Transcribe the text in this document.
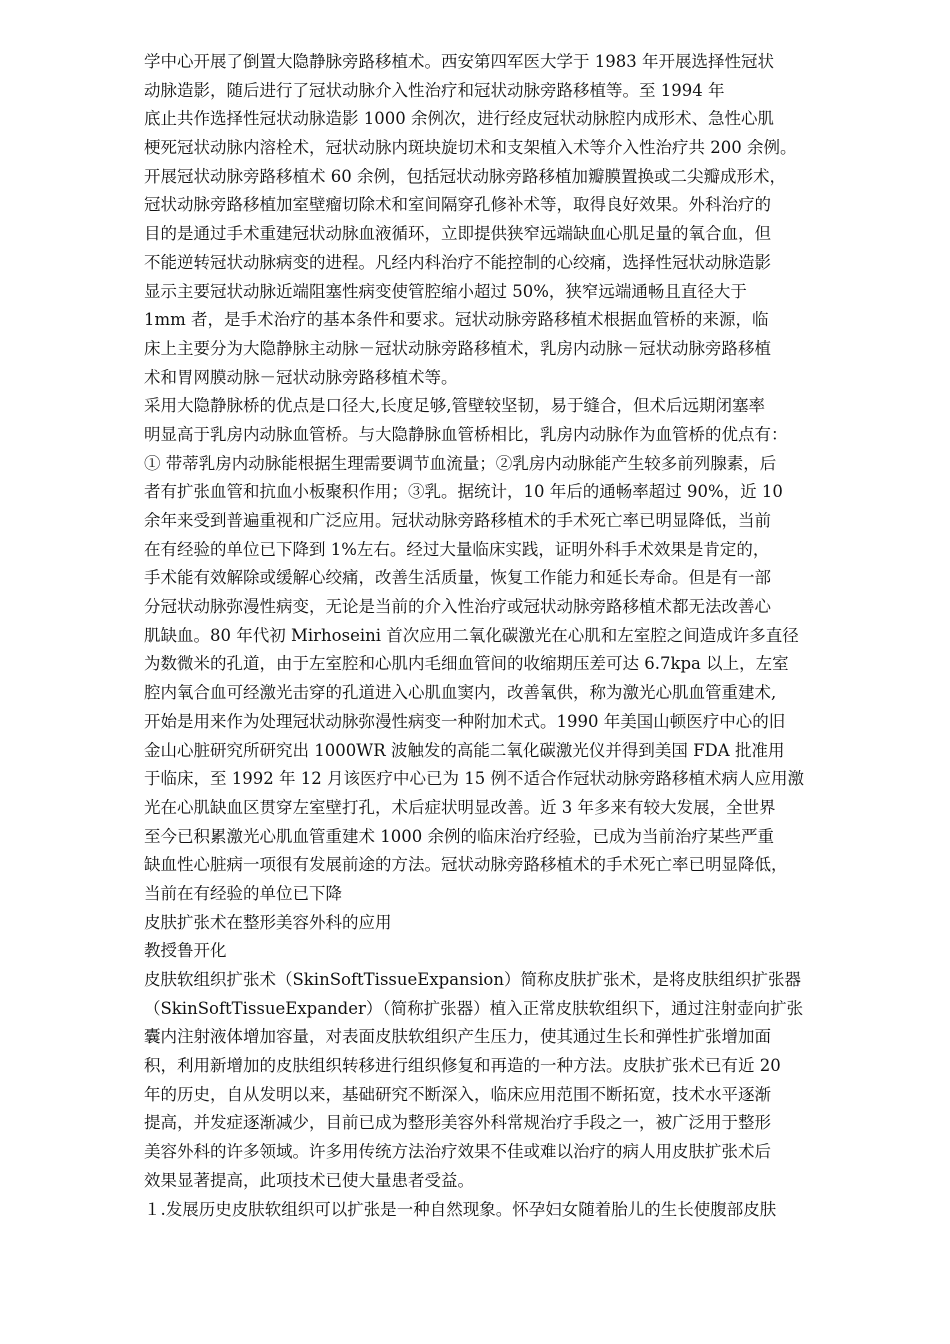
学中心开展了倒置大隐静脉旁路移植术。西安第四军医大学于 1983 年开展选择性冠状
动脉造影，随后进行了冠状动脉介入性治疗和冠状动脉旁路移植等。至 1994 年
底止共作选择性冠状动脉造影 1000 余例次，进行经皮冠状动脉腔内成形术、急性心肌
梗死冠状动脉内溶栓术，冠状动脉内斑块旋切术和支架植入术等介入性治疗共 200 余例。
开展冠状动脉旁路移植术 60 余例，包括冠状动脉旁路移植加瓣膜置换或二尖瓣成形术，
冠状动脉旁路移植加室壁瘤切除术和室间隔穿孔修补术等，取得良好效果。外科治疗的
目的是通过手术重建冠状动脉血液循环，立即提供狭窄远端缺血心肌足量的氧合血，但
不能逆转冠状动脉病变的进程。凡经内科治疗不能控制的心绞痛，选择性冠状动脉造影
显示主要冠状动脉近端阻塞性病变使管腔缩小超过 50%，狭窄远端通畅且直径大于
1mm 者，是手术治疗的基本条件和要求。冠状动脉旁路移植术根据血管桥的来源，临
床上主要分为大隐静脉主动脉－冠状动脉旁路移植术，乳房内动脉－冠状动脉旁路移植
术和胃网膜动脉－冠状动脉旁路移植术等。
采用大隐静脉桥的优点是口径大,长度足够,管壁较坚韧，易于缝合，但术后远期闭塞率
明显高于乳房内动脉血管桥。与大隐静脉血管桥相比，乳房内动脉作为血管桥的优点有：
① 带蒂乳房内动脉能根据生理需要调节血流量；②乳房内动脉能产生较多前列腺素，后
者有扩张血管和抗血小板聚积作用；③乳。据统计，10 年后的通畅率超过 90%，近 10
余年来受到普遍重视和广泛应用。冠状动脉旁路移植术的手术死亡率已明显降低，当前
在有经验的单位已下降到 1%左右。经过大量临床实践，证明外科手术效果是肯定的，
手术能有效解除或缓解心绞痛，改善生活质量，恢复工作能力和延长寿命。但是有一部
分冠状动脉弥漫性病变，无论是当前的介入性治疗或冠状动脉旁路移植术都无法改善心
肌缺血。80 年代初 Mirhoseini 首次应用二氧化碳激光在心肌和左室腔之间造成许多直径
为数微米的孔道，由于左室腔和心肌内毛细血管间的收缩期压差可达 6.7kpa 以上，左室
腔内氧合血可经激光击穿的孔道进入心肌血窦内，改善氧供，称为激光心肌血管重建术,
开始是用来作为处理冠状动脉弥漫性病变一种附加术式。1990 年美国山顿医疗中心的旧
金山心脏研究所研究出 1000WR 波触发的高能二氧化碳激光仪并得到美国 FDA 批准用
于临床，至 1992 年 12 月该医疗中心已为 15 例不适合作冠状动脉旁路移植术病人应用激
光在心肌缺血区贯穿左室壁打孔，术后症状明显改善。近 3 年多来有较大发展，全世界
至今已积累激光心肌血管重建术 1000 余例的临床治疗经验，已成为当前治疗某些严重
缺血性心脏病一项很有发展前途的方法。冠状动脉旁路移植术的手术死亡率已明显降低，
当前在有经验的单位已下降
皮肤扩张术在整形美容外科的应用
教授鲁开化
皮肤软组织扩张术（SkinSoftTissueExpansion）简称皮肤扩张术，是将皮肤组织扩张器
（SkinSoftTissueExpander）（简称扩张器）植入正常皮肤软组织下，通过注射壶向扩张
囊内注射液体增加容量，对表面皮肤软组织产生压力，使其通过生长和弹性扩张增加面
积，利用新增加的皮肤组织转移进行组织修复和再造的一种方法。皮肤扩张术已有近 20
年的历史，自从发明以来，基础研究不断深入，临床应用范围不断拓宽，技术水平逐渐
提高，并发症逐渐减少，目前已成为整形美容外科常规治疗手段之一，被广泛用于整形
美容外科的许多领域。许多用传统方法治疗效果不佳或难以治疗的病人用皮肤扩张术后
效果显著提高，此项技术已使大量患者受益。
１.发展历史皮肤软组织可以扩张是一种自然现象。怀孕妇女随着胎儿的生长使腹部皮肤
